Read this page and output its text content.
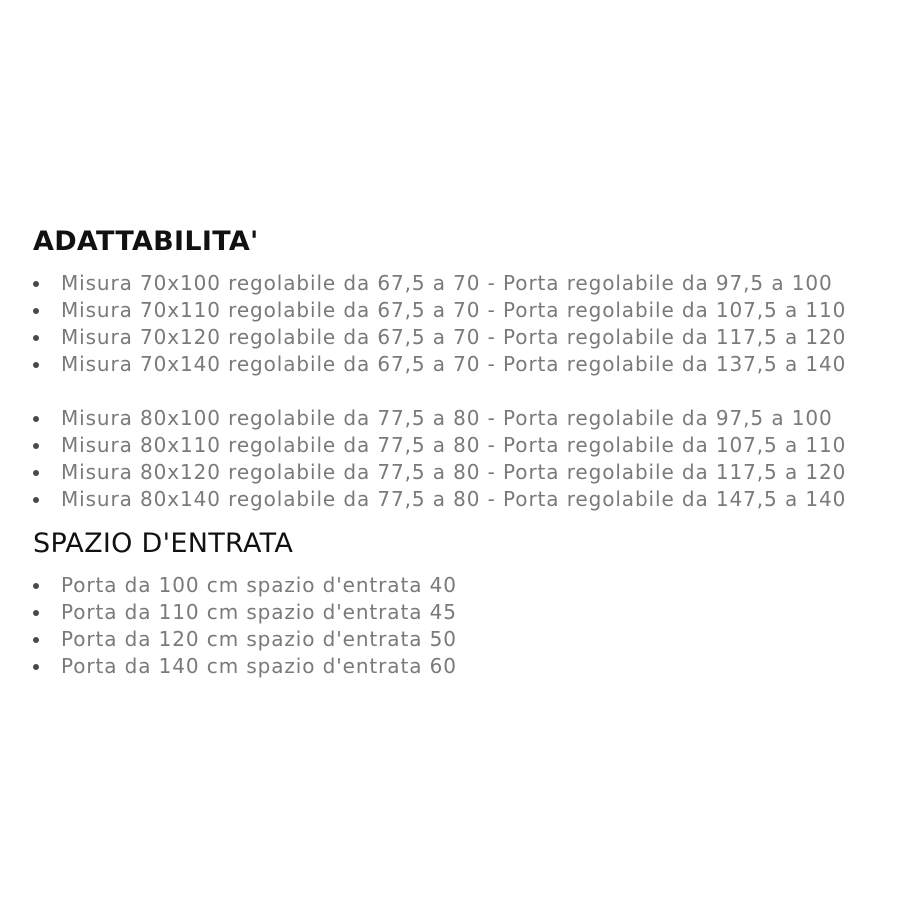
ADATTABILITA'
Misura 70x100 regolabile da 67,5 a 70 - Porta regolabile da 97,5 a 100
Misura 70x110 regolabile da 67,5 a 70 - Porta regolabile da 107,5 a 110
Misura 70x120 regolabile da 67,5 a 70 - Porta regolabile da 117,5 a 120
Misura 70x140 regolabile da 67,5 a 70 - Porta regolabile da 137,5 a 140
Misura 80x100 regolabile da 77,5 a 80 - Porta regolabile da 97,5 a 100
Misura 80x110 regolabile da 77,5 a 80 - Porta regolabile da 107,5 a 110
Misura 80x120 regolabile da 77,5 a 80 - Porta regolabile da 117,5 a 120
Misura 80x140 regolabile da 77,5 a 80 - Porta regolabile da 147,5 a 140
SPAZIO D'ENTRATA
Porta da 100 cm spazio d'entrata 40
Porta da 110 cm spazio d'entrata 45
Porta da 120 cm spazio d'entrata 50
Porta da 140 cm spazio d'entrata 60
